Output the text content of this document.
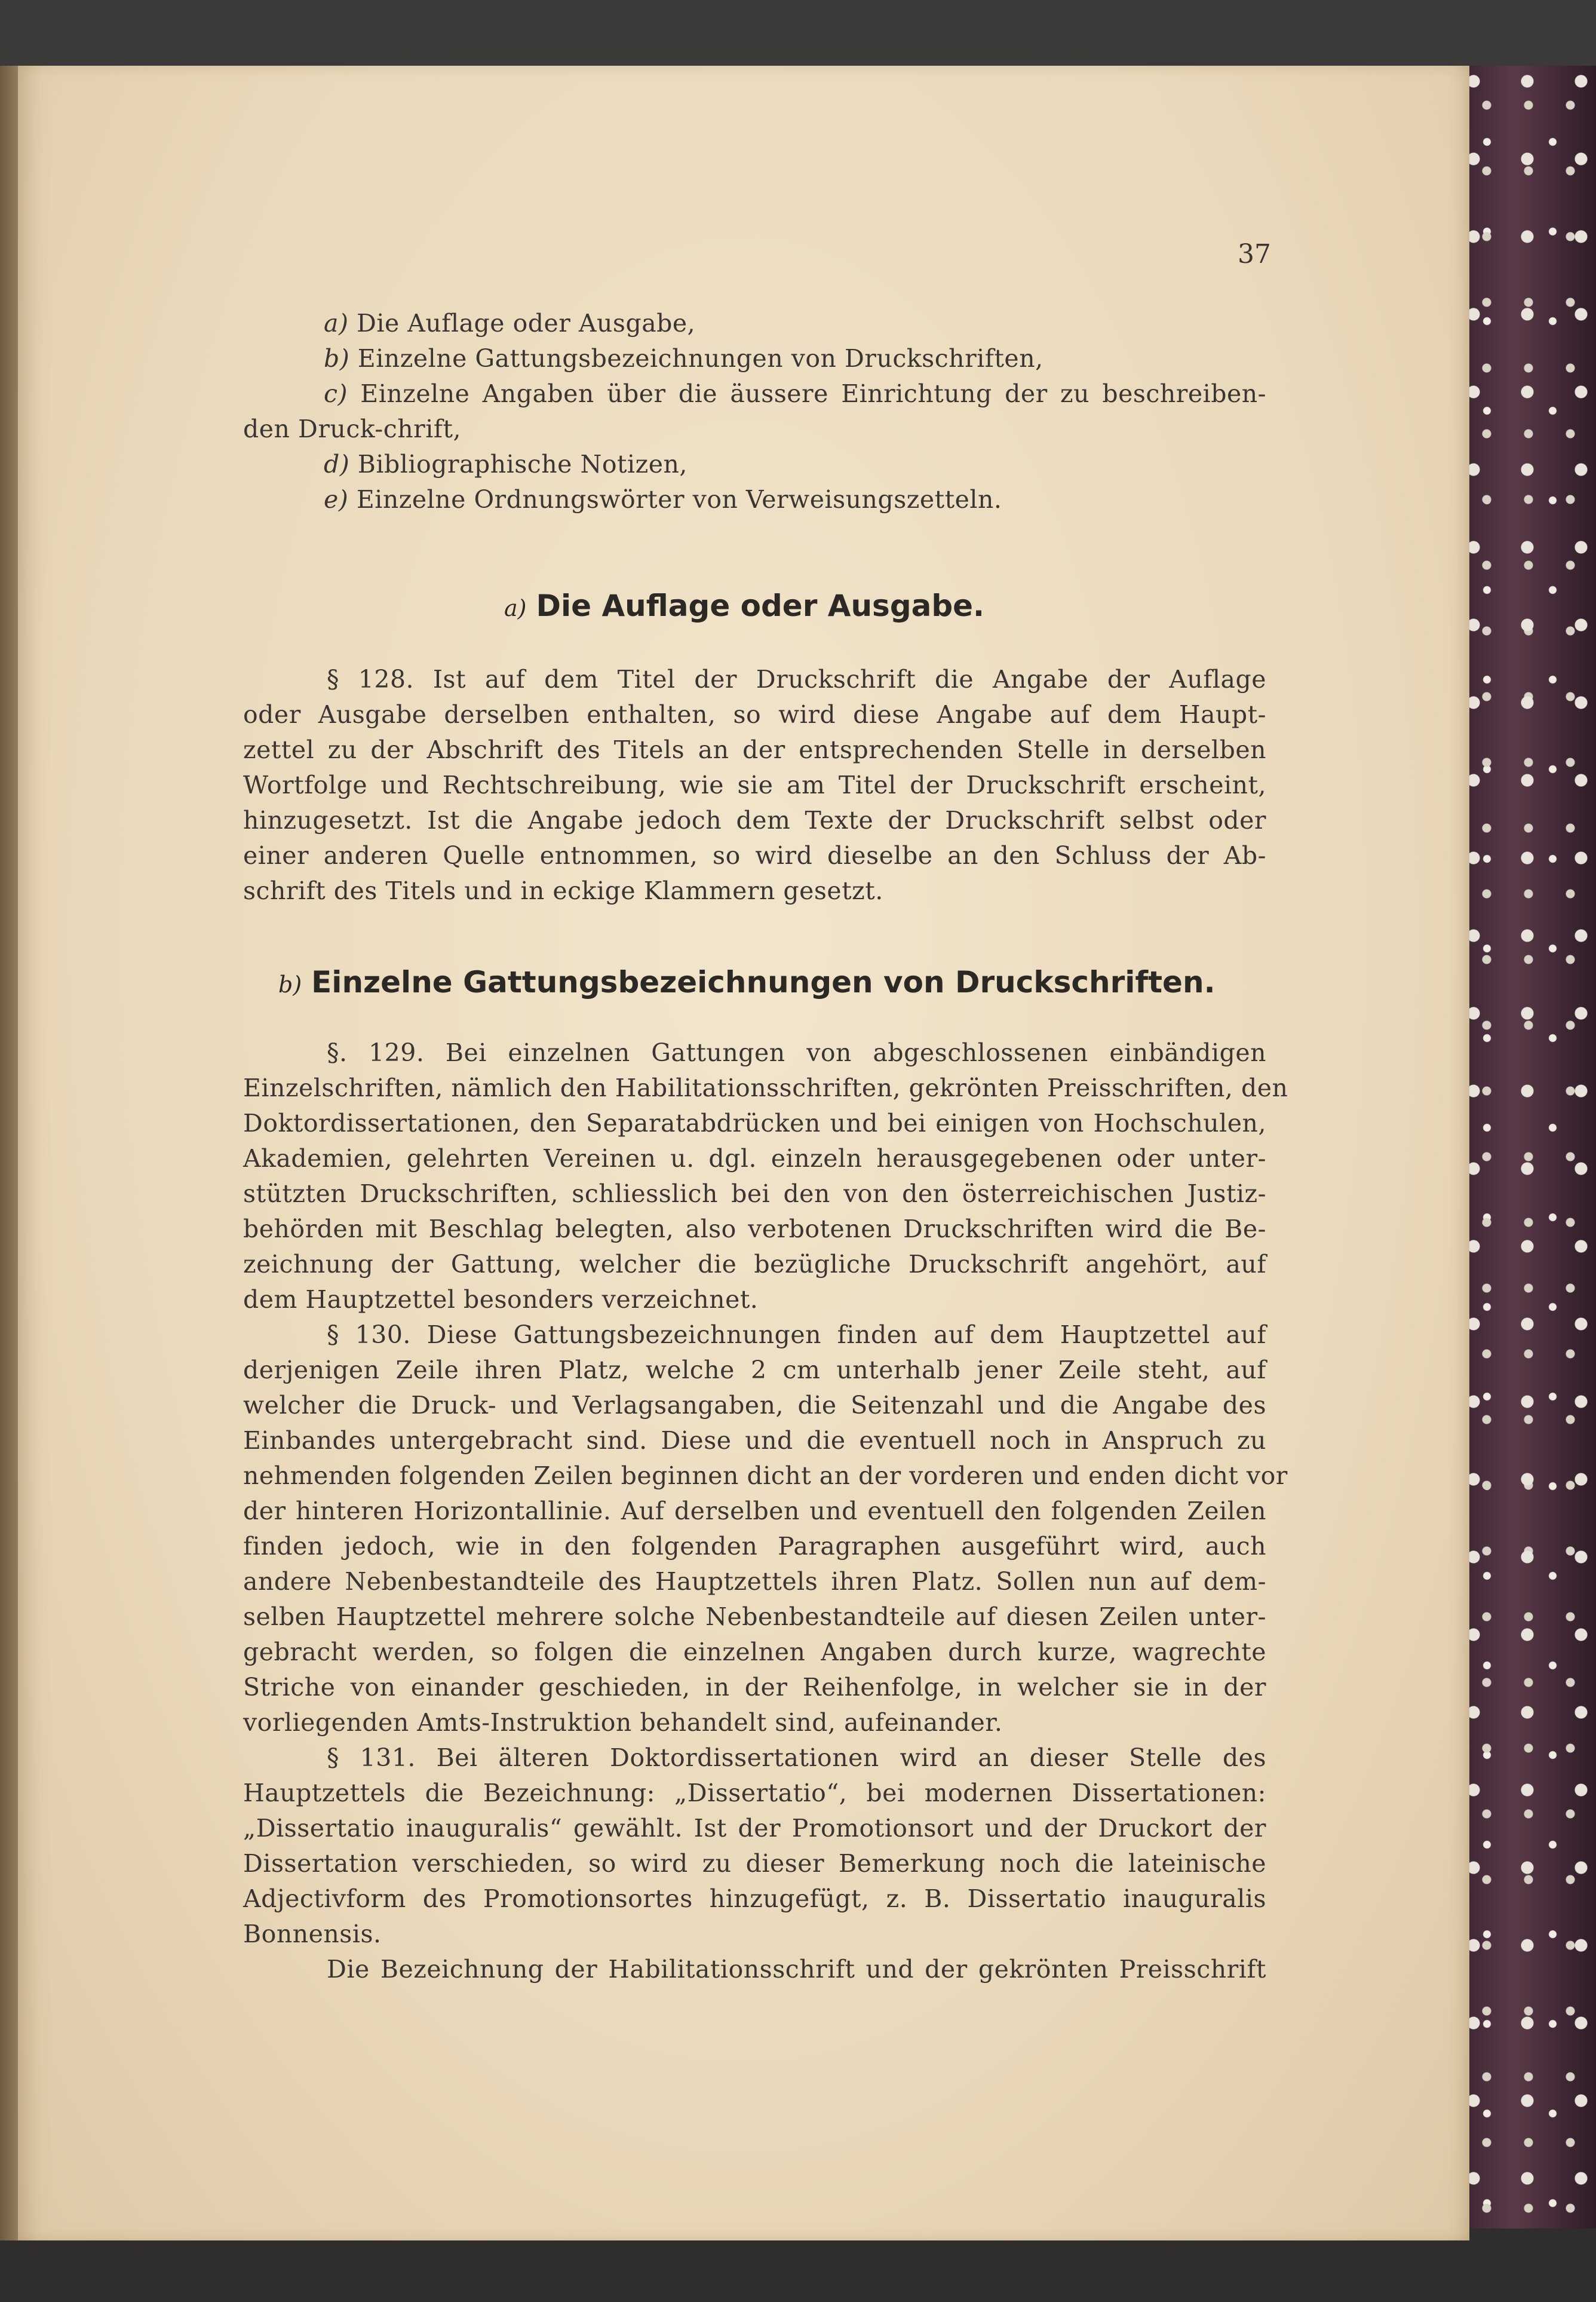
37
a) Die Auflage oder Ausgabe,
b) Einzelne Gattungsbezeichnungen von Druckschriften,
c) Einzelne Angaben über die äussere Einrichtung der zu beschreiben-
den Druck-chrift,
d) Bibliographische Notizen,
e) Einzelne Ordnungswörter von Verweisungszetteln.
a) Die Auflage oder Ausgabe.
§ 128. Ist auf dem Titel der Druckschrift die Angabe der Auflage
oder Ausgabe derselben enthalten, so wird diese Angabe auf dem Haupt-
zettel zu der Abschrift des Titels an der entsprechenden Stelle in derselben
Wortfolge und Rechtschreibung, wie sie am Titel der Druckschrift erscheint,
hinzugesetzt. Ist die Angabe jedoch dem Texte der Druckschrift selbst oder
einer anderen Quelle entnommen, so wird dieselbe an den Schluss der Ab-
schrift des Titels und in eckige Klammern gesetzt.
b) Einzelne Gattungsbezeichnungen von Druckschriften.
§. 129. Bei einzelnen Gattungen von abgeschlossenen einbändigen
Einzelschriften, nämlich den Habilitationsschriften, gekrönten Preisschriften, den
Doktordissertationen, den Separatabdrücken und bei einigen von Hochschulen,
Akademien, gelehrten Vereinen u. dgl. einzeln herausgegebenen oder unter-
stützten Druckschriften, schliesslich bei den von den österreichischen Justiz-
behörden mit Beschlag belegten, also verbotenen Druckschriften wird die Be-
zeichnung der Gattung, welcher die bezügliche Druckschrift angehört, auf
dem Hauptzettel besonders verzeichnet.
§ 130. Diese Gattungsbezeichnungen finden auf dem Hauptzettel auf
derjenigen Zeile ihren Platz, welche 2 cm unterhalb jener Zeile steht, auf
welcher die Druck- und Verlagsangaben, die Seitenzahl und die Angabe des
Einbandes untergebracht sind. Diese und die eventuell noch in Anspruch zu
nehmenden folgenden Zeilen beginnen dicht an der vorderen und enden dicht vor
der hinteren Horizontallinie. Auf derselben und eventuell den folgenden Zeilen
finden jedoch, wie in den folgenden Paragraphen ausgeführt wird, auch
andere Nebenbestandteile des Hauptzettels ihren Platz. Sollen nun auf dem-
selben Hauptzettel mehrere solche Nebenbestandteile auf diesen Zeilen unter-
gebracht werden, so folgen die einzelnen Angaben durch kurze, wagrechte
Striche von einander geschieden, in der Reihenfolge, in welcher sie in der
vorliegenden Amts-Instruktion behandelt sind, aufeinander.
§ 131. Bei älteren Doktordissertationen wird an dieser Stelle des
Hauptzettels die Bezeichnung: „Dissertatio“, bei modernen Dissertationen:
„Dissertatio inauguralis“ gewählt. Ist der Promotionsort und der Druckort der
Dissertation verschieden, so wird zu dieser Bemerkung noch die lateinische
Adjectivform des Promotionsortes hinzugefügt, z. B. Dissertatio inauguralis
Bonnensis.
Die Bezeichnung der Habilitationsschrift und der gekrönten Preisschrift
